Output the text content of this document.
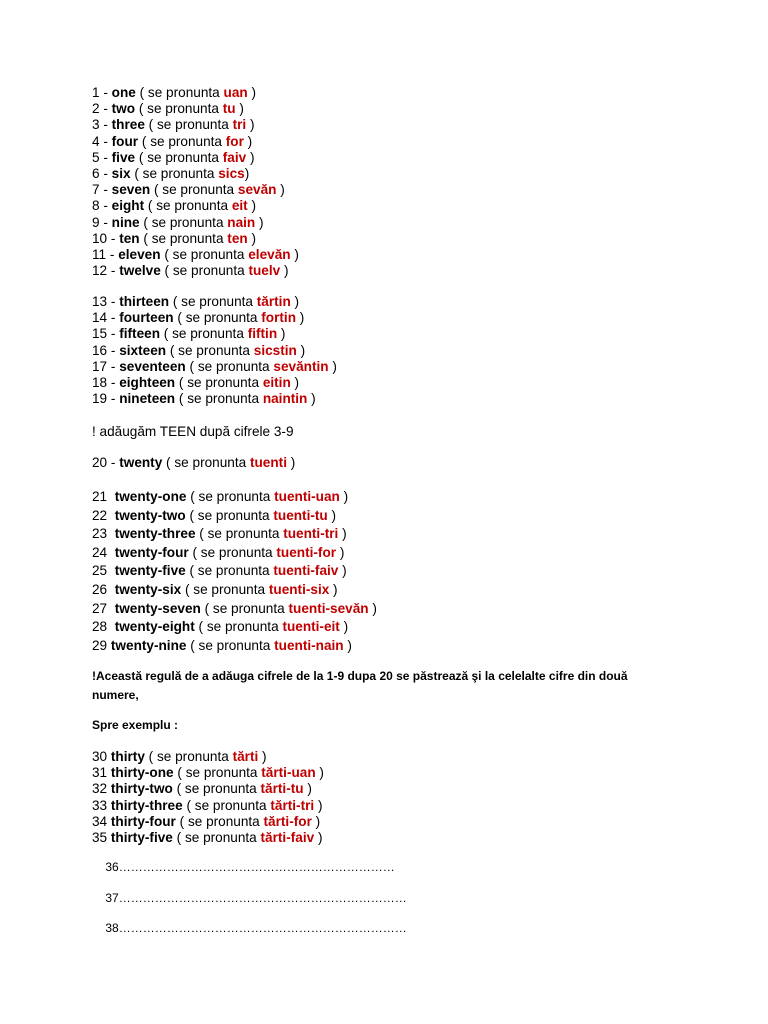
1 - one ( se pronunta uan )
2 - two ( se pronunta tu )
3 - three ( se pronunta tri )
4 - four ( se pronunta for )
5 - five ( se pronunta faiv )
6 - six ( se pronunta sics)
7 - seven ( se pronunta sevăn )
8 - eight ( se pronunta eit )
9 - nine ( se pronunta nain )
10 - ten ( se pronunta ten )
11 - eleven ( se pronunta elevăn )
12 - twelve ( se pronunta tuelv )
13 - thirteen ( se pronunta tărtin )
14 - fourteen ( se pronunta fortin )
15 - fifteen ( se pronunta fiftin )
16 - sixteen ( se pronunta sicstin )
17 - seventeen ( se pronunta sevăntin )
18 - eighteen ( se pronunta eitin )
19 - nineteen ( se pronunta naintin )
! adăugăm TEEN după cifrele 3-9
20 - twenty ( se pronunta tuenti )
21 twenty-one ( se pronunta tuenti-uan )
22 twenty-two ( se pronunta tuenti-tu )
23 twenty-three ( se pronunta tuenti-tri )
24 twenty-four ( se pronunta tuenti-for )
25 twenty-five ( se pronunta tuenti-faiv )
26 twenty-six ( se pronunta tuenti-six )
27 twenty-seven ( se pronunta tuenti-sevăn )
28 twenty-eight ( se pronunta tuenti-eit )
29 twenty-nine ( se pronunta tuenti-nain )
!Această regulă de a adăuga cifrele de la 1-9 dupa 20 se păstrează şi la celelalte cifre din două numere,
Spre exemplu :
30 thirty ( se pronunta tărti )
31 thirty-one ( se pronunta tărti-uan )
32 thirty-two ( se pronunta tărti-tu )
33 thirty-three ( se pronunta tărti-tri )
34 thirty-four ( se pronunta tărti-for )
35 thirty-five ( se pronunta tărti-faiv )

36……………………………………………………………

37………………………………………………………………

38………………………………………………………………
